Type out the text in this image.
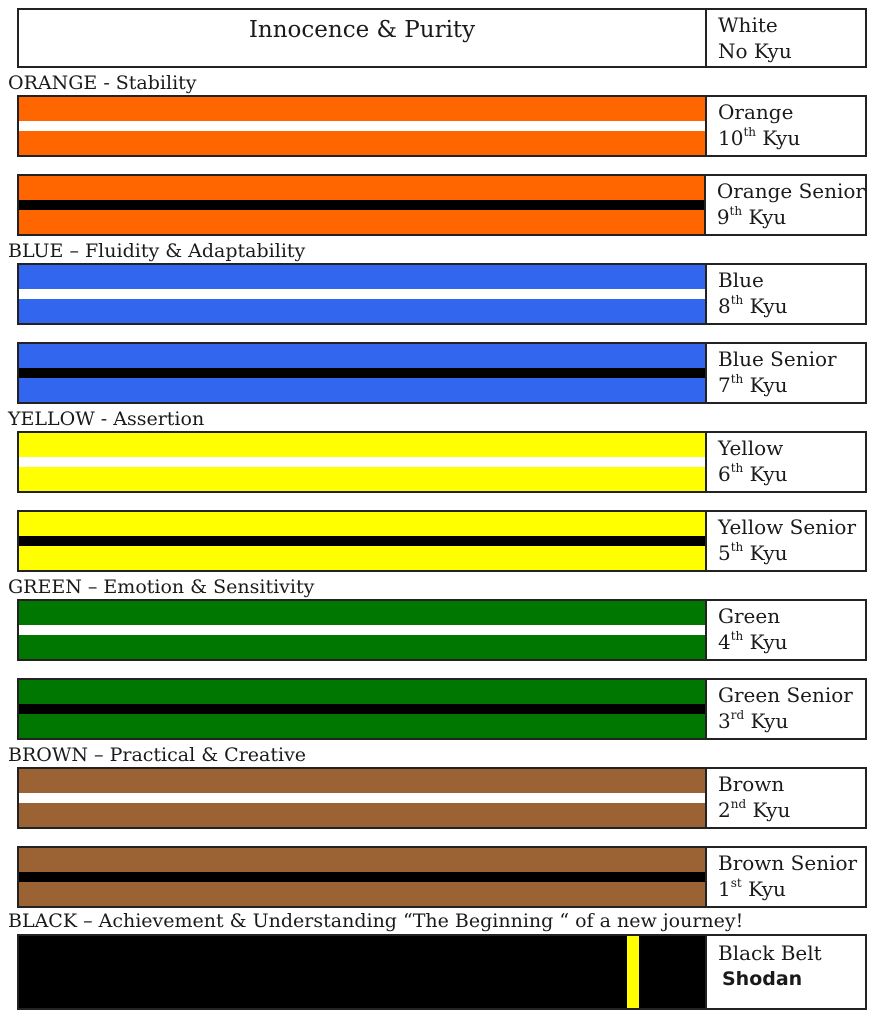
Innocence & Purity	White
No Kyu
ORANGE - Stability
BLUE – Fluidity & Adaptability
YELLOW - Assertion
GREEN – Emotion & Sensitivity
BROWN – Practical & Creative
BLACK – Achievement & Understanding “The Beginning “ of a new journey!
Orange
10th Kyu
Orange Senior
9th Kyu
Blue
8th Kyu
Blue Senior
7th Kyu
Yellow
6th Kyu
Yellow Senior
5th Kyu
Green
4th Kyu
Green Senior
3rd Kyu
Brown
2nd Kyu
Brown Senior
1st Kyu
Black Belt
Shodan
